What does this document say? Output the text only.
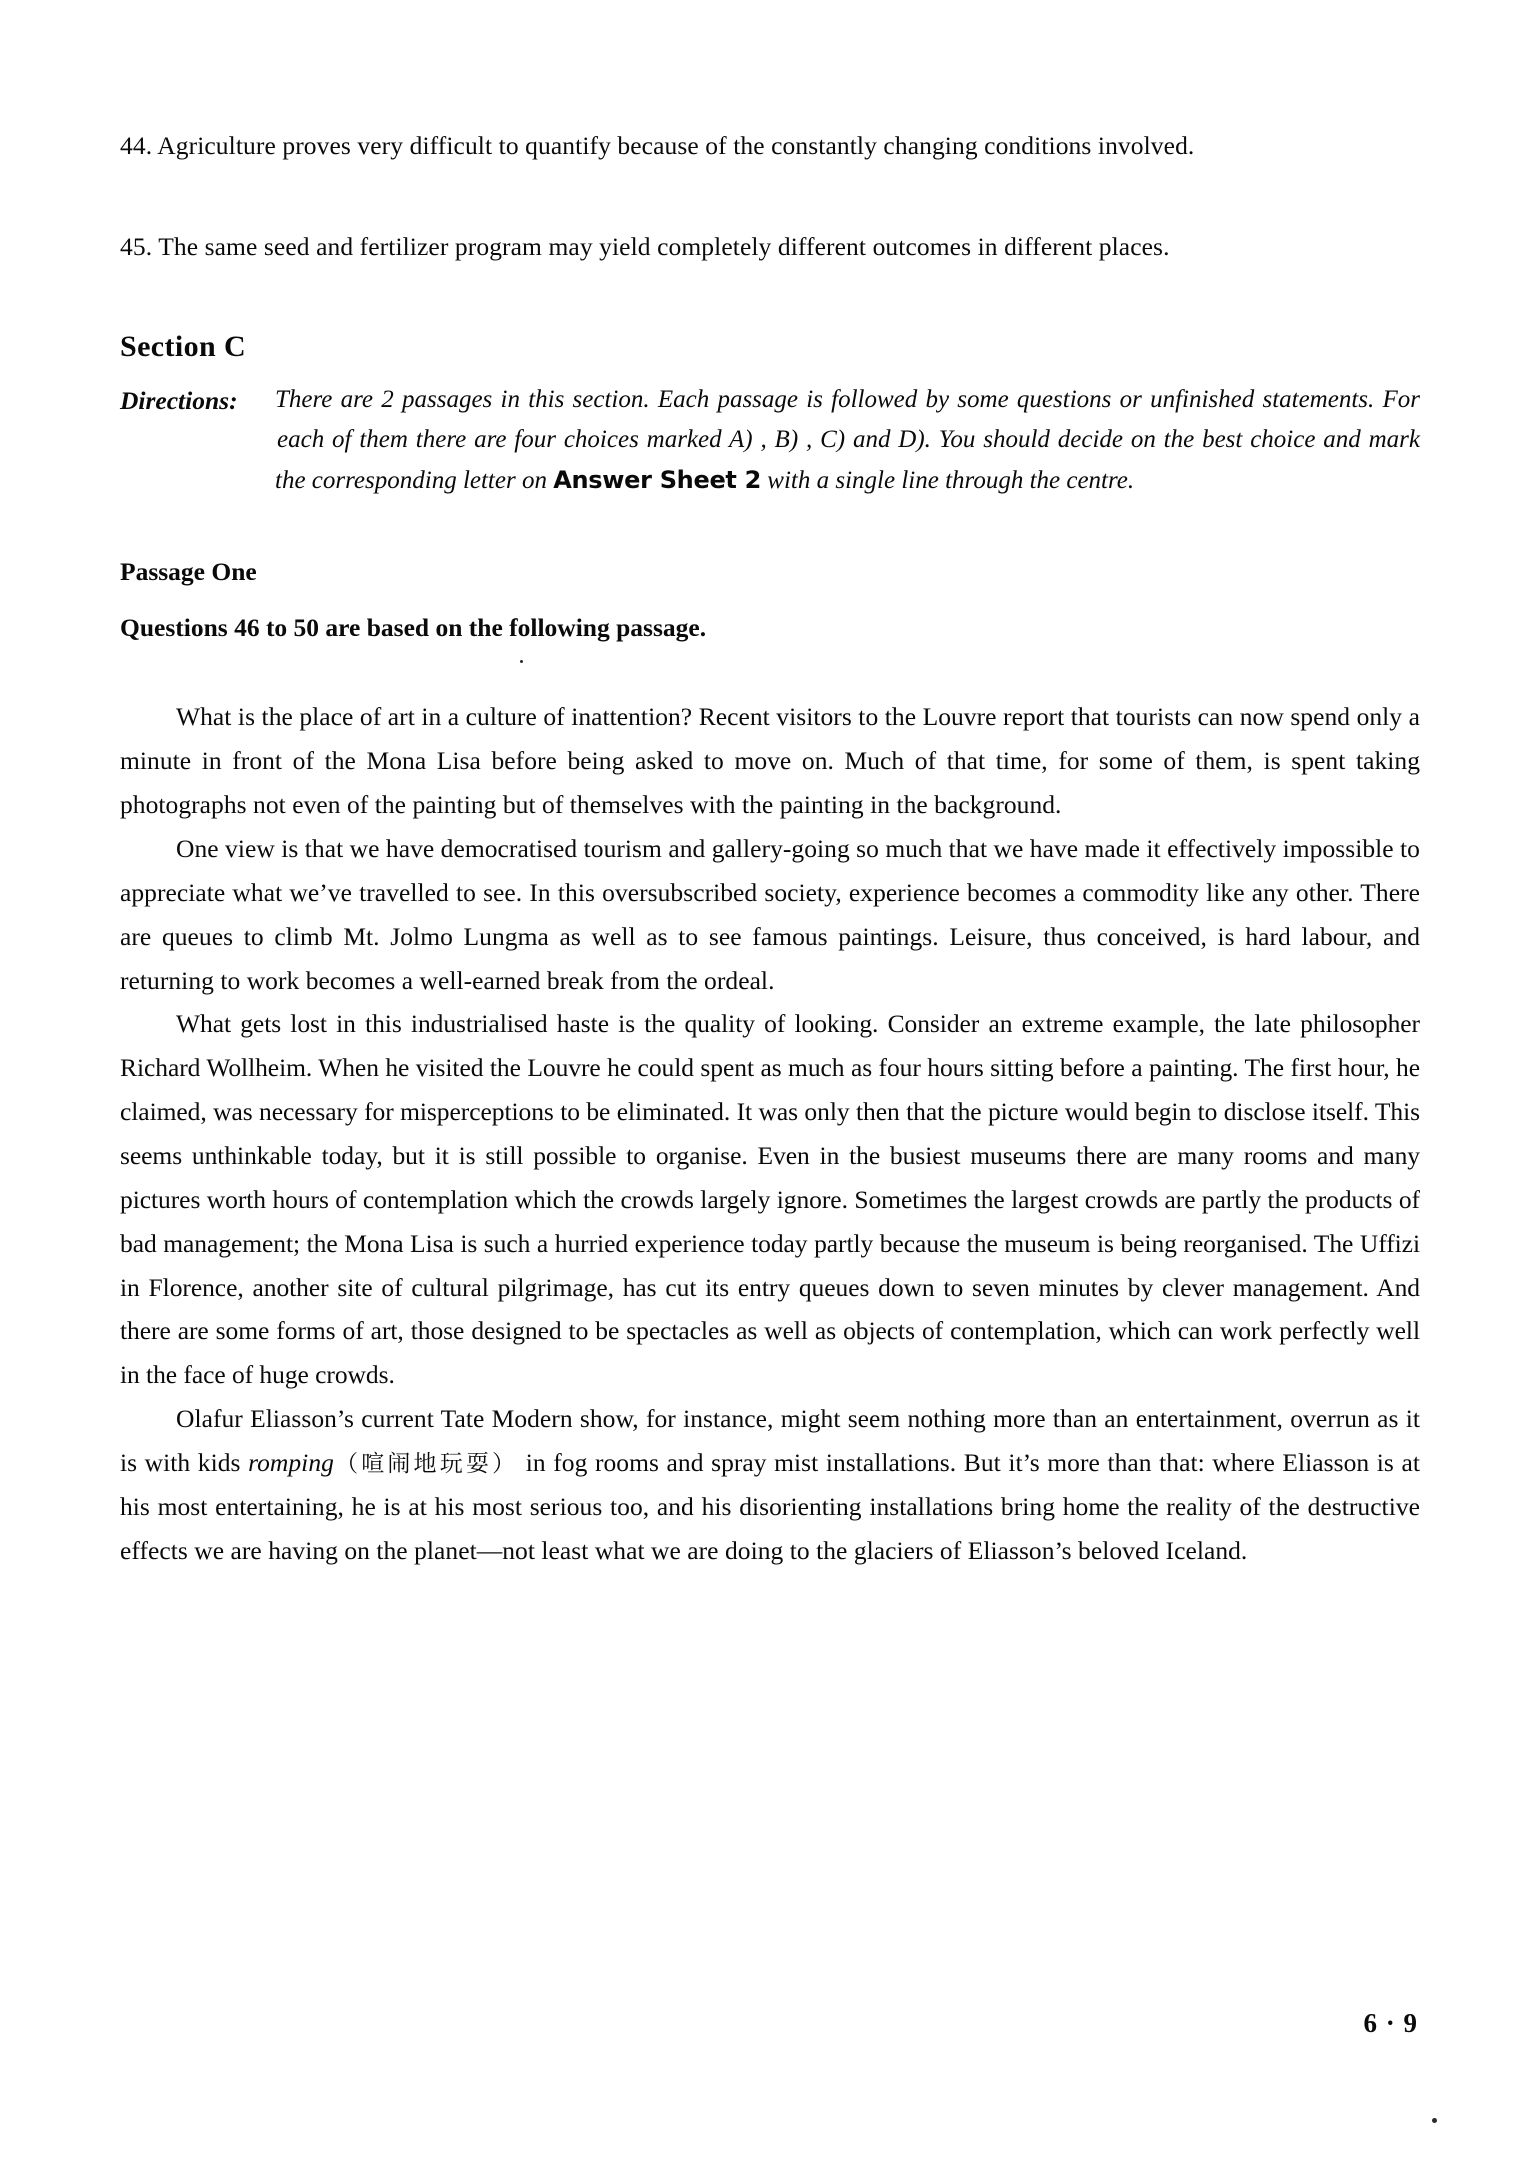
44. Agriculture proves very difficult to quantify because of the constantly changing conditions involved.

45. The same seed and fertilizer program may yield completely different outcomes in different places.

Section C
Directions:	There are 2 passages in this section. Each passage is followed by some questions or unfinished statements. For each of them there are four choices marked A) , B) , C) and D). You should decide on the best choice and mark the corresponding letter on Answer Sheet 2 with a single line through the centre.

Passage One

Questions 46 to 50 are based on the following passage.

What is the place of art in a culture of inattention? Recent visitors to the Louvre report that tourists can now spend only a minute in front of the Mona Lisa before being asked to move on. Much of that time, for some of them, is spent taking photographs not even of the painting but of themselves with the painting in the background.

One view is that we have democratised tourism and gallery-going so much that we have made it effectively impossible to appreciate what we’ve travelled to see. In this oversubscribed society, experience becomes a commodity like any other. There are queues to climb Mt. Jolmo Lungma as well as to see famous paintings. Leisure, thus conceived, is hard labour, and returning to work becomes a well-earned break from the ordeal.

What gets lost in this industrialised haste is the quality of looking. Consider an extreme example, the late philosopher Richard Wollheim. When he visited the Louvre he could spent as much as four hours sitting before a painting. The first hour, he claimed, was necessary for misperceptions to be eliminated. It was only then that the picture would begin to disclose itself. This seems unthinkable today, but it is still possible to organise. Even in the busiest museums there are many rooms and many pictures worth hours of contemplation which the crowds largely ignore. Sometimes the largest crowds are partly the products of bad management; the Mona Lisa is such a hurried experience today partly because the museum is being reorganised. The Uffizi in Florence, another site of cultural pilgrimage, has cut its entry queues down to seven minutes by clever management. And there are some forms of art, those designed to be spectacles as well as objects of contemplation, which can work perfectly well in the face of huge crowds.

Olafur Eliasson’s current Tate Modern show, for instance, might seem nothing more than an entertainment, overrun as it is with kids romping（喧闹地玩耍） in fog rooms and spray mist installations. But it’s more than that: where Eliasson is at his most entertaining, he is at his most serious too, and his disorienting installations bring home the reality of the destructive effects we are having on the planet—not least what we are doing to the glaciers of Eliasson’s beloved Iceland.

6 · 9
